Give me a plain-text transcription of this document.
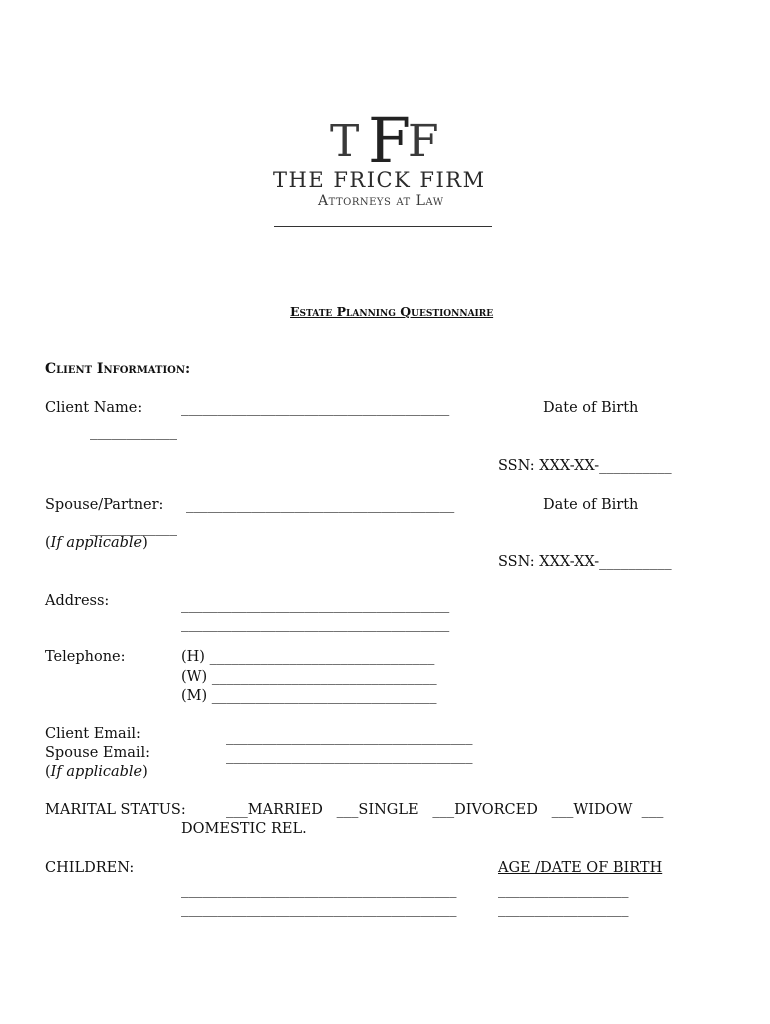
T F
F
THE FRICK FIRM
Attorneys at Law
Estate Planning Questionnaire
Client Information:
Client Name:	_____________________________________	Date of Birth
____________
SSN: XXX-XX-__________
Spouse/Partner: _____________________________________	Date of Birth
____________
(If applicable)
SSN: XXX-XX-__________
Address:	_____________________________________
_____________________________________
Telephone:	(H) _______________________________
(W) _______________________________
(M) _______________________________
Client Email:	__________________________________
Spouse Email:	__________________________________
(If applicable)
MARITAL STATUS:	___MARRIED   ___SINGLE   ___DIVORCED   ___WIDOW  ___
DOMESTIC REL.
CHILDREN:	AGE /DATE OF BIRTH
______________________________________	__________________
______________________________________	__________________
